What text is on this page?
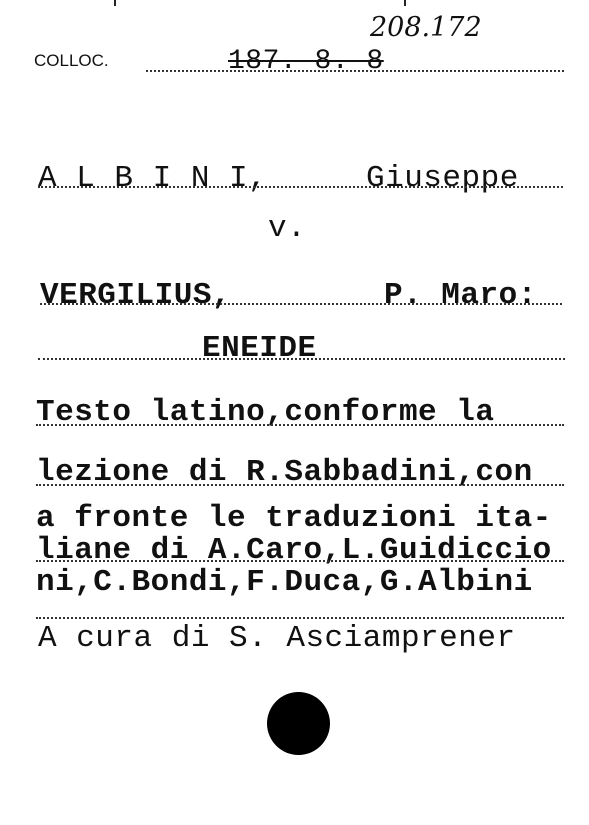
208.172
COLLOC.	187. 8. 8
A L B I N I,	Giuseppe
v.
VERGILIUS,	P. Maro:
ENEIDE
Testo latino,conforme la
lezione di R.Sabbadini,con
a fronte le traduzioni ita-
liane di A.Caro,L.Guidiccio
ni,C.Bondi,F.Duca,G.Albini
A cura di S. Asciamprener
